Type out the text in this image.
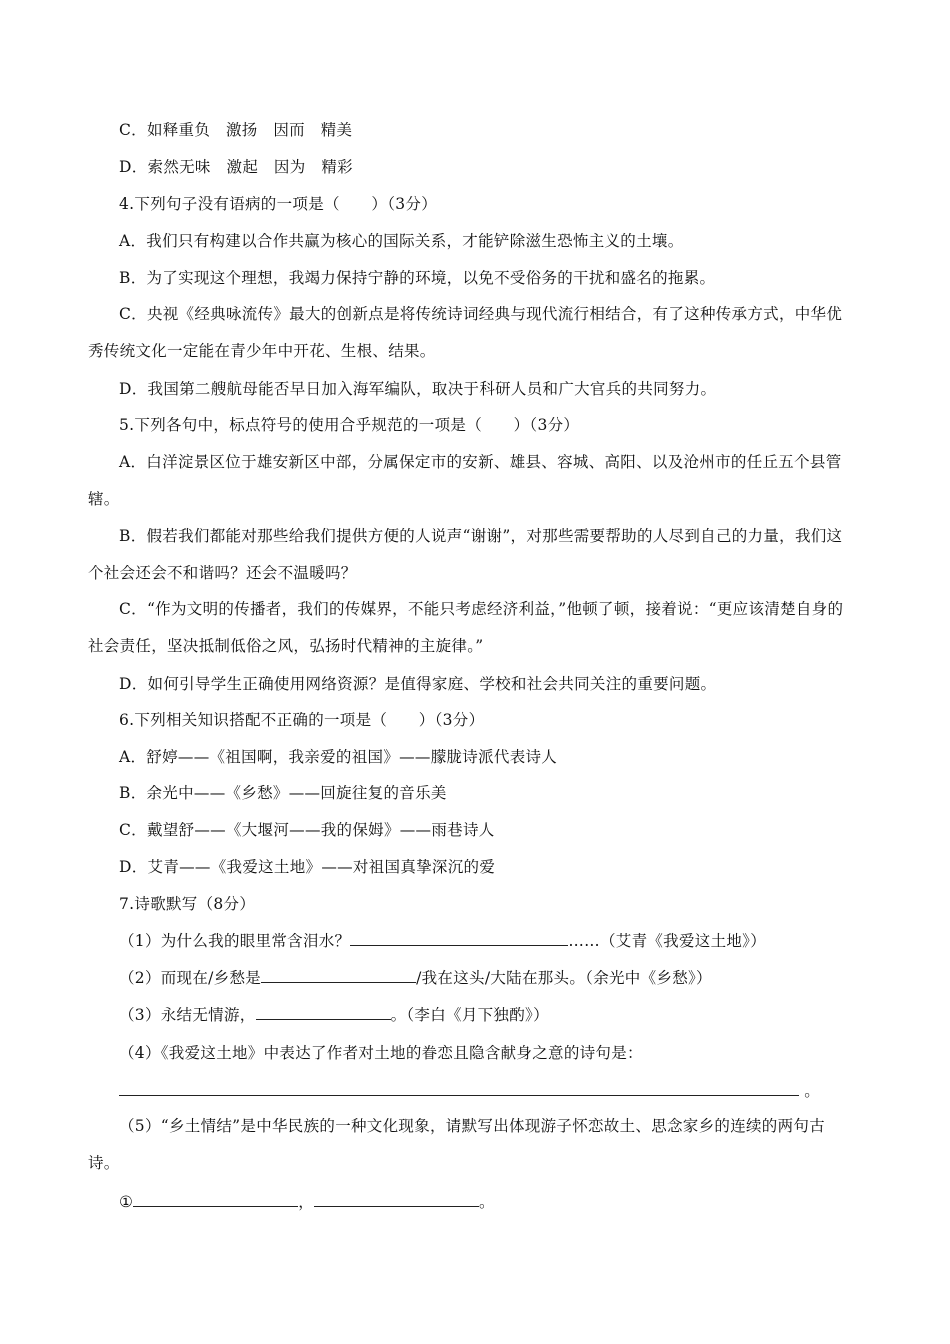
C．如释重负　激扬　因而　精美
D．索然无味　激起　因为　精彩
4.下列句子没有语病的一项是（　　）（3分）
A．我们只有构建以合作共赢为核心的国际关系，才能铲除滋生恐怖主义的土壤。
B．为了实现这个理想，我竭力保持宁静的环境，以免不受俗务的干扰和盛名的拖累。
C．央视《经典咏流传》最大的创新点是将传统诗词经典与现代流行相结合，有了这种传承方式，中华优秀传统文化一定能在青少年中开花、生根、结果。
D．我国第二艘航母能否早日加入海军编队，取决于科研人员和广大官兵的共同努力。
5.下列各句中，标点符号的使用合乎规范的一项是（　　）（3分）
A．白洋淀景区位于雄安新区中部，分属保定市的安新、雄县、容城、高阳、以及沧州市的任丘五个县管辖。
B．假若我们都能对那些给我们提供方便的人说声“谢谢”，对那些需要帮助的人尽到自己的力量，我们这个社会还会不和谐吗？还会不温暖吗？
C．“作为文明的传播者，我们的传媒界，不能只考虑经济利益，”他顿了顿，接着说：“更应该清楚自身的社会责任，坚决抵制低俗之风，弘扬时代精神的主旋律。”
D．如何引导学生正确使用网络资源？是值得家庭、学校和社会共同关注的重要问题。
6.下列相关知识搭配不正确的一项是（　　）（3分）
A．舒婷——《祖国啊，我亲爱的祖国》——朦胧诗派代表诗人
B．余光中——《乡愁》——回旋往复的音乐美
C．戴望舒——《大堰河——我的保姆》——雨巷诗人
D．艾青——《我爱这土地》——对祖国真挚深沉的爱
7.诗歌默写（8分）
（1）为什么我的眼里常含泪水？	……（艾青《我爱这土地》）
（2）而现在/乡愁是	/我在这头/大陆在那头。（余光中《乡愁》）
（3）永结无情游，	。（李白《月下独酌》）
（4）《我爱这土地》中表达了作者对土地的眷恋且隐含献身之意的诗句是：
。
（5）“乡土情结”是中华民族的一种文化现象，请默写出体现游子怀恋故土、思念家乡的连续的两句古诗。
①	，	。
